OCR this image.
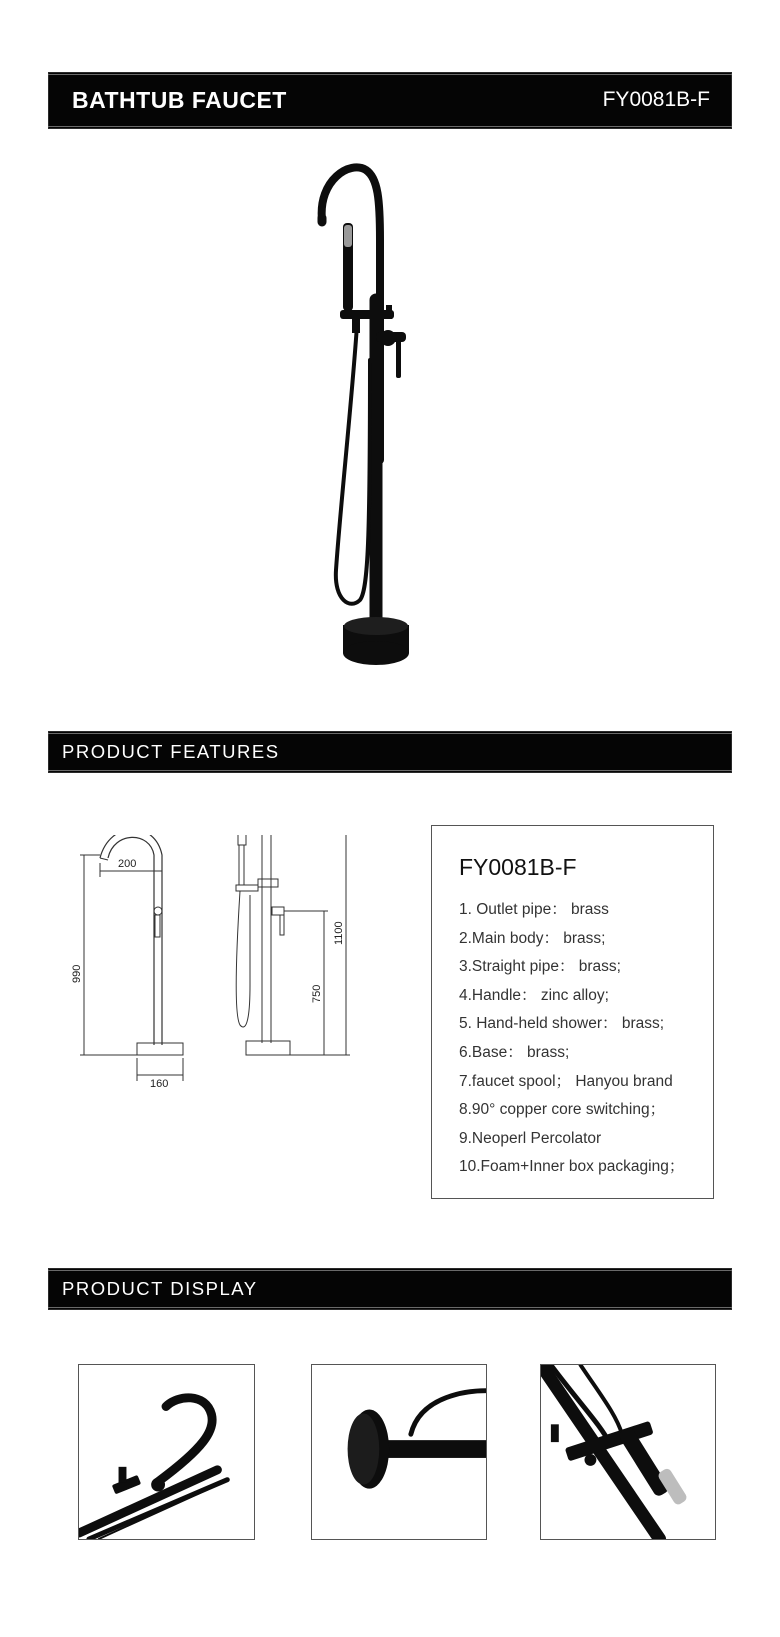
BATHTUB FAUCET	FY0081B-F
PRODUCT FEATURES
200
990
160
1100
750
FY0081B-F
1. Outlet pipe： brass
2.Main body： brass;
3.Straight pipe： brass;
4.Handle： zinc alloy;
5. Hand-held shower： brass;
6.Base： brass;
7.faucet spool； Hanyou brand
8.90° copper core switching；
9.Neoperl Percolator
10.Foam+Inner box packaging；
PRODUCT DISPLAY
